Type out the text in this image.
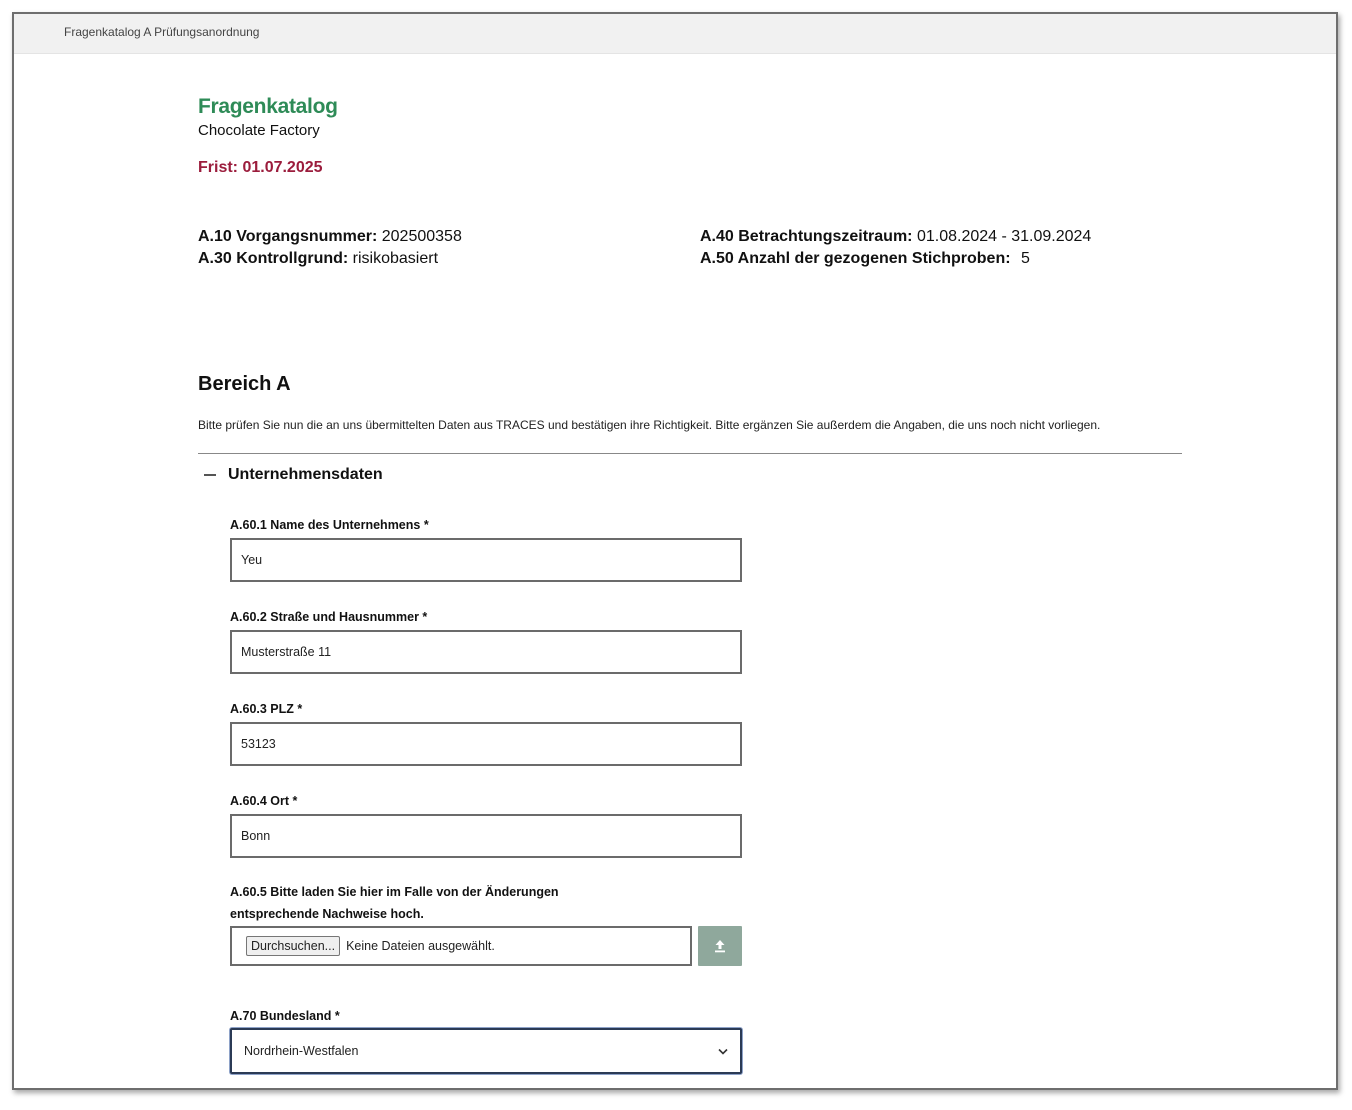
Fragenkatalog A Prüfungsanordnung
Fragenkatalog
Chocolate Factory
Frist: 01.07.2025
A.10 Vorgangsnummer: 202500358
A.30 Kontrollgrund: risikobasiert
A.40 Betrachtungszeitraum: 01.08.2024 - 31.09.2024
A.50 Anzahl der gezogenen Stichproben: 5
Bereich A
Bitte prüfen Sie nun die an uns übermittelten Daten aus TRACES und bestätigen ihre Richtigkeit. Bitte ergänzen Sie außerdem die Angaben, die uns noch nicht vorliegen.
Unternehmensdaten
A.60.1 Name des Unternehmens *
Yeu
A.60.2 Straße und Hausnummer *
Musterstraße 11
A.60.3 PLZ *
53123
A.60.4 Ort *
Bonn
A.60.5 Bitte laden Sie hier im Falle von der Änderungen
entsprechende Nachweise hoch.
Durchsuchen... Keine Dateien ausgewählt.
A.70 Bundesland *
Nordrhein-Westfalen
